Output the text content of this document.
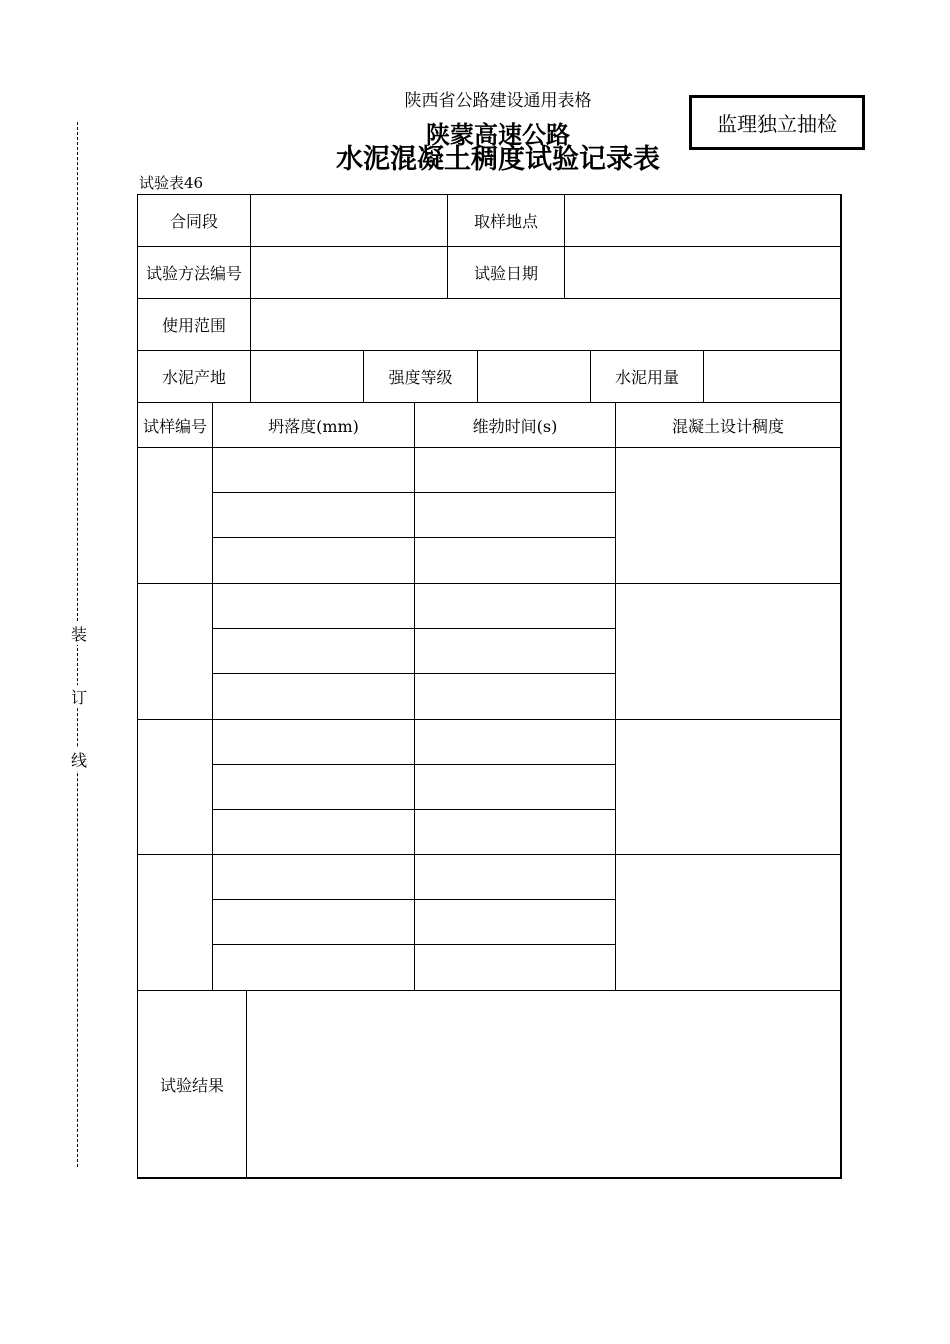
陕西省公路建设通用表格
陕蒙高速公路
水泥混凝土稠度试验记录表
监理独立抽检
试验表46
装
订
线
合同段	取样地点
试验方法编号	试验日期
使用范围
水泥产地	强度等级	水泥用量
试样编号	坍落度(mm)	维勃时间(s)	混凝土设计稠度
试验结果
